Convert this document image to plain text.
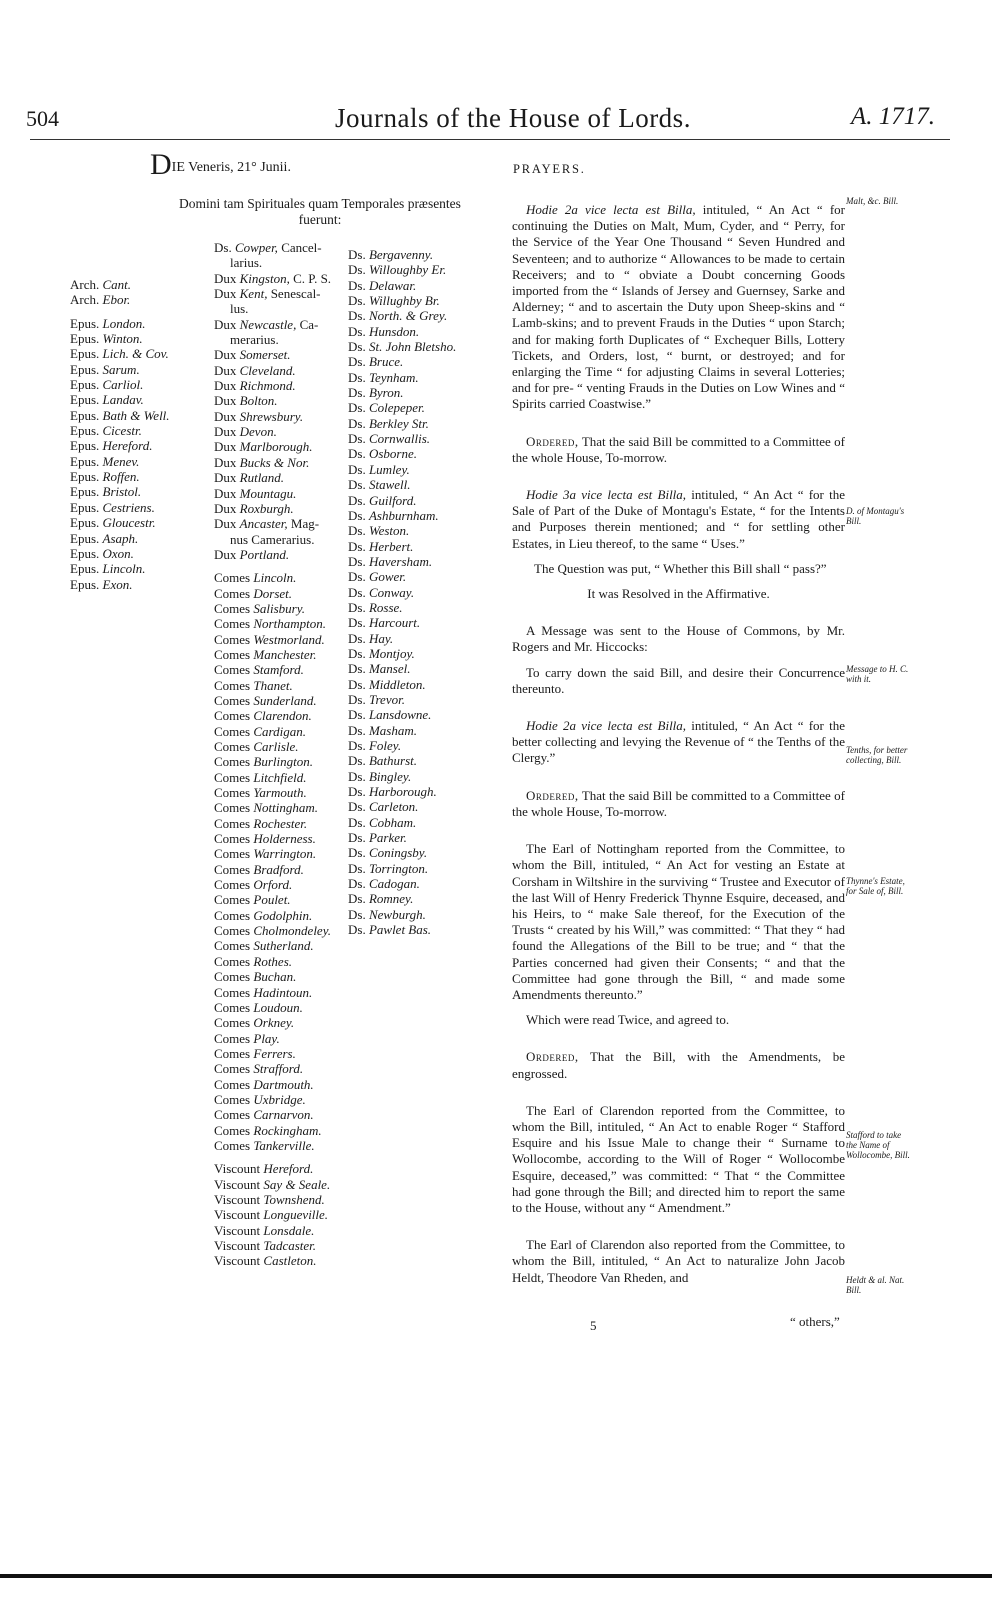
504	Journals of the House of Lords.	A. 1717.
DIE Veneris, 21° Junii.
Domini tam Spirituales quam Temporales præsentes
fuerunt:
Arch. Cant.
Arch. Ebor.
Epus. London.
Epus. Winton.
Epus. Lich. & Cov.
Epus. Sarum.
Epus. Carliol.
Epus. Landav.
Epus. Bath & Well.
Epus. Cicestr.
Epus. Hereford.
Epus. Menev.
Epus. Roffen.
Epus. Bristol.
Epus. Cestriens.
Epus. Gloucestr.
Epus. Asaph.
Epus. Oxon.
Epus. Lincoln.
Epus. Exon.
Ds. Cowper, Cancel-
larius.
Dux Kingston, C. P. S.
Dux Kent, Senescal-
lus.
Dux Newcastle, Ca-
merarius.
Dux Somerset.
Dux Cleveland.
Dux Richmond.
Dux Bolton.
Dux Shrewsbury.
Dux Devon.
Dux Marlborough.
Dux Bucks & Nor.
Dux Rutland.
Dux Mountagu.
Dux Roxburgh.
Dux Ancaster, Mag-
nus Camerarius.
Dux Portland.
Comes Lincoln.
Comes Dorset.
Comes Salisbury.
Comes Northampton.
Comes Westmorland.
Comes Manchester.
Comes Stamford.
Comes Thanet.
Comes Sunderland.
Comes Clarendon.
Comes Cardigan.
Comes Carlisle.
Comes Burlington.
Comes Litchfield.
Comes Yarmouth.
Comes Nottingham.
Comes Rochester.
Comes Holderness.
Comes Warrington.
Comes Bradford.
Comes Orford.
Comes Poulet.
Comes Godolphin.
Comes Cholmondeley.
Comes Sutherland.
Comes Rothes.
Comes Buchan.
Comes Hadintoun.
Comes Loudoun.
Comes Orkney.
Comes Play.
Comes Ferrers.
Comes Strafford.
Comes Dartmouth.
Comes Uxbridge.
Comes Carnarvon.
Comes Rockingham.
Comes Tankerville.
Viscount Hereford.
Viscount Say & Seale.
Viscount Townshend.
Viscount Longueville.
Viscount Lonsdale.
Viscount Tadcaster.
Viscount Castleton.
Ds. Bergavenny.
Ds. Willoughby Er.
Ds. Delawar.
Ds. Willughby Br.
Ds. North. & Grey.
Ds. Hunsdon.
Ds. St. John Bletsho.
Ds. Bruce.
Ds. Teynham.
Ds. Byron.
Ds. Colepeper.
Ds. Berkley Str.
Ds. Cornwallis.
Ds. Osborne.
Ds. Lumley.
Ds. Stawell.
Ds. Guilford.
Ds. Ashburnham.
Ds. Weston.
Ds. Herbert.
Ds. Haversham.
Ds. Gower.
Ds. Conway.
Ds. Rosse.
Ds. Harcourt.
Ds. Hay.
Ds. Montjoy.
Ds. Mansel.
Ds. Middleton.
Ds. Trevor.
Ds. Lansdowne.
Ds. Masham.
Ds. Foley.
Ds. Bathurst.
Ds. Bingley.
Ds. Harborough.
Ds. Carleton.
Ds. Cobham.
Ds. Parker.
Ds. Coningsby.
Ds. Torrington.
Ds. Cadogan.
Ds. Romney.
Ds. Newburgh.
Ds. Pawlet Bas.
PRAYERS.

Hodie 2a vice lecta est Billa, intituled, “ An Act “ for continuing the Duties on Malt, Mum, Cyder, and “ Perry, for the Service of the Year One Thousand “ Seven Hundred and Seventeen; and to authorize “ Allowances to be made to certain Receivers; and to “ obviate a Doubt concerning Goods imported from the “ Islands of Jersey and Guernsey, Sarke and Alderney; “ and to ascertain the Duty upon Sheep-skins and “ Lamb-skins; and to prevent Frauds in the Duties “ upon Starch; and for making forth Duplicates of “ Exchequer Bills, Lottery Tickets, and Orders, lost, “ burnt, or destroyed; and for enlarging the Time “ for adjusting Claims in several Lotteries; and for pre- “ venting Frauds in the Duties on Low Wines and “ Spirits carried Coastwise.”

Ordered, That the said Bill be committed to a Committee of the whole House, To-morrow.

Hodie 3a vice lecta est Billa, intituled, “ An Act “ for the Sale of Part of the Duke of Montagu's Estate, “ for the Intents and Purposes therein mentioned; and “ for settling other Estates, in Lieu thereof, to the same “ Uses.”

The Question was put, “ Whether this Bill shall “ pass?”

It was Resolved in the Affirmative.

A Message was sent to the House of Commons, by Mr. Rogers and Mr. Hiccocks:

To carry down the said Bill, and desire their Concurrence thereunto.

Hodie 2a vice lecta est Billa, intituled, “ An Act “ for the better collecting and levying the Revenue of “ the Tenths of the Clergy.”

Ordered, That the said Bill be committed to a Committee of the whole House, To-morrow.

The Earl of Nottingham reported from the Committee, to whom the Bill, intituled, “ An Act for vesting an Estate at Corsham in Wiltshire in the surviving “ Trustee and Executor of the last Will of Henry Frederick Thynne Esquire, deceased, and his Heirs, to “ make Sale thereof, for the Execution of the Trusts “ created by his Will,” was committed: “ That they “ had found the Allegations of the Bill to be true; and “ that the Parties concerned had given their Consents; “ and that the Committee had gone through the Bill, “ and made some Amendments thereunto.”

Which were read Twice, and agreed to.

Ordered, That the Bill, with the Amendments, be engrossed.

The Earl of Clarendon reported from the Committee, to whom the Bill, intituled, “ An Act to enable Roger “ Stafford Esquire and his Issue Male to change their “ Surname to Wollocombe, according to the Will of Roger “ Wollocombe Esquire, deceased,” was committed: “ That “ the Committee had gone through the Bill; and directed him to report the same to the House, without any “ Amendment.”

The Earl of Clarendon also reported from the Committee, to whom the Bill, intituled, “ An Act to naturalize John Jacob Heldt, Theodore Van Rheden, and

Malt, &c. Bill.
D. of Montagu's Bill.
Message to H. C. with it.
Tenths, for better collecting, Bill.
Thynne's Estate, for Sale of, Bill.
Stafford to take the Name of Wollocombe, Bill.
Heldt & al. Nat. Bill.
5	“ others,”
